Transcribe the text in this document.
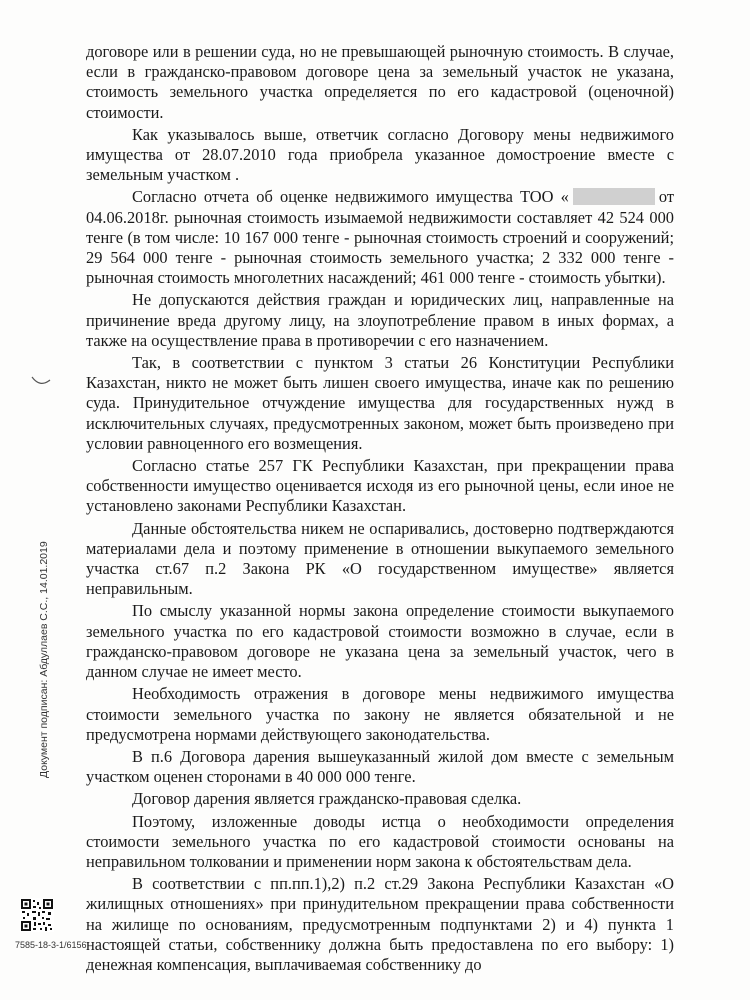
договоре или в решении суда, но не превышающей рыночную стоимость. В случае, если в гражданско-правовом договоре цена за земельный участок не указана, стоимость земельного участка определяется по его кадастровой (оценочной) стоимости.

Как указывалось выше, ответчик согласно Договору мены недвижимого имущества от 28.07.2010 года приобрела указанное домостроение вместе с земельным участком .

Согласно отчета об оценке недвижимого имущества ТОО «	от 04.06.2018г. рыночная стоимость изымаемой недвижимости составляет 42 524 000 тенге (в том числе: 10 167 000 тенге - рыночная стоимость строений и сооружений; 29 564 000 тенге - рыночная стоимость земельного участка; 2 332 000 тенге - рыночная стоимость многолетних насаждений; 461 000 тенге - стоимость убытки).

Не допускаются действия граждан и юридических лиц, направленные на причинение вреда другому лицу, на злоупотребление правом в иных формах, а также на осуществление права в противоречии с его назначением.

Так, в соответствии с пунктом 3 статьи 26 Конституции Республики Казахстан, никто не может быть лишен своего имущества, иначе как по решению суда. Принудительное отчуждение имущества для государственных нужд в исключительных случаях, предусмотренных законом, может быть произведено при условии равноценного его возмещения.

Согласно статье 257 ГК Республики Казахстан, при прекращении права собственности имущество оценивается исходя из его рыночной цены, если иное не установлено законами Республики Казахстан.

Данные обстоятельства никем не оспаривались, достоверно подтверждаются материалами дела и поэтому применение в отношении выкупаемого земельного участка ст.67 п.2 Закона РК «О государственном имуществе» является неправильным.

По смыслу указанной нормы закона определение стоимости выкупаемого земельного участка по его кадастровой стоимости возможно в случае, если в гражданско-правовом договоре не указана цена за земельный участок, чего в данном случае не имеет место.

Необходимость отражения в договоре мены недвижимого имущества стоимости земельного участка по закону не является обязательной и не предусмотрена нормами действующего законодательства.

В п.6 Договора дарения вышеуказанный жилой дом вместе с земельным участком оценен сторонами в 40 000 000 тенге.

Договор дарения является гражданско-правовая сделка.

Поэтому, изложенные доводы истца о необходимости определения стоимости земельного участка по его кадастровой стоимости основаны на неправильном толковании и применении норм закона к обстоятельствам дела.

В соответствии с пп.пп.1),2) п.2 ст.29 Закона Республики Казахстан «О жилищных отношениях» при принудительном прекращении права собственности на жилище по основаниям, предусмотренным подпунктами 2) и 4) пункта 1 настоящей статьи, собственнику должна быть предоставлена по его выбору: 1) денежная компенсация, выплачиваемая собственнику до

Документ подписан: Абдуллаев С.С., 14.01.2019
7585-18-3-1/6156
